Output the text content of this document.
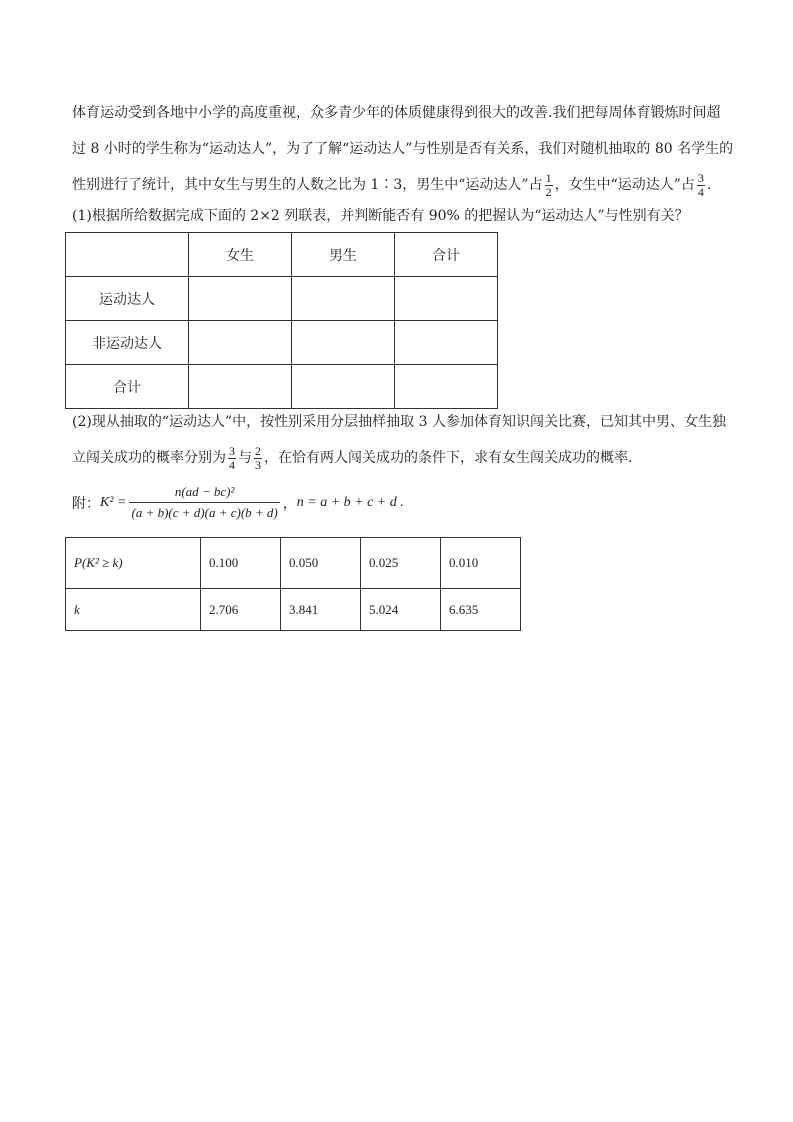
体育运动受到各地中小学的高度重视，众多青少年的体质健康得到很大的改善.我们把每周体育锻炼时间超
过 8 小时的学生称为“运动达人”，为了了解“运动达人”与性别是否有关系，我们对随机抽取的 80 名学生的
性别进行了统计，其中女生与男生的人数之比为 1∶3，男生中“运动达人”占 $\frac{1}{2}$ ，女生中“运动达人”占 $\frac{3}{4}$ .
(1)根据所给数据完成下面的 2×2 列联表，并判断能否有 90% 的把握认为“运动达人”与性别有关？
	女生	男生	合计
运动达人			
非运动达人			
合计			
(2)现从抽取的“运动达人”中，按性别采用分层抽样抽取 3 人参加体育知识闯关比赛，已知其中男、女生独
立闯关成功的概率分别为 $\frac{3}{4}$ 与 $\frac{2}{3}$ ，在恰有两人闯关成功的条件下，求有女生闯关成功的概率.
附： $K^2 = \frac{\text{n(ad − bc)²}}{(a + b)(c + d)(a + c)(b + d)}$ ， n = a + b + c + d .
P(K² ≥ k)	0.100	0.050	0.025	0.010
k	2.706	3.841	5.024	6.635
